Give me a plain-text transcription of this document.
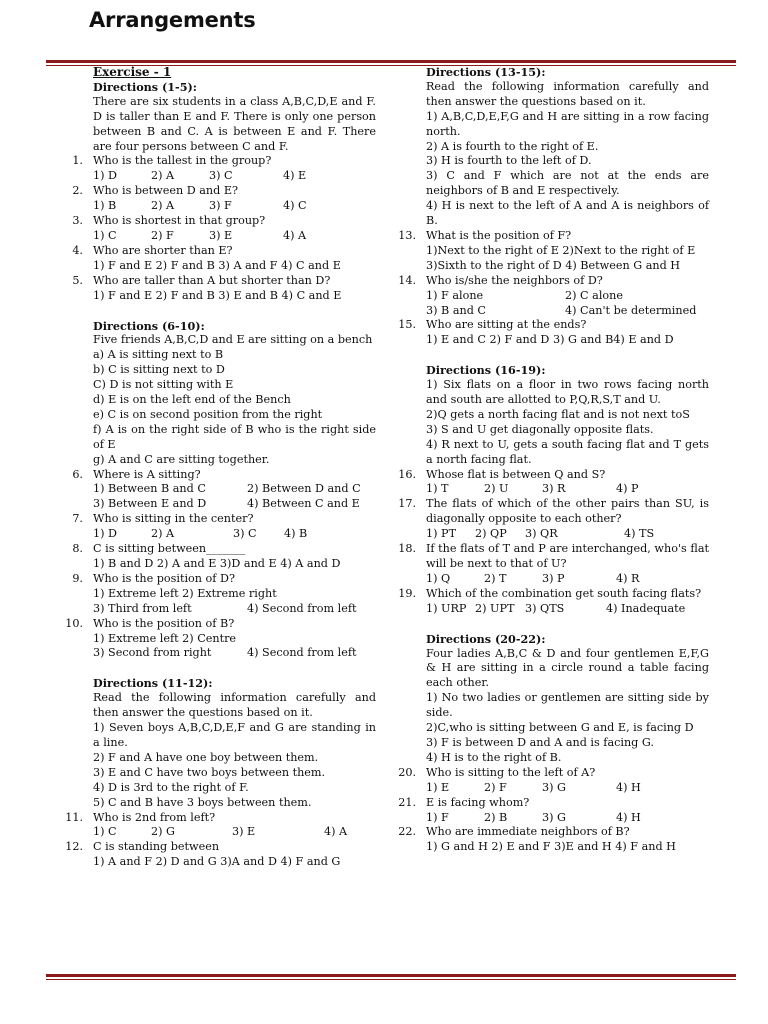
Arrangements
Exercise - 1
Directions (1-5):
There are six students in a class A,B,C,D,E and F. D is taller than E and F. There is only one person between B and C. A is between E and F. There are four persons between C and F.
1. Who is the tallest in the group?
1) D	2) A	3) C	4) E
2. Who is between D and E?
1) B	2) A	3) F	4) C
3. Who is shortest in that group?
1) C	2) F	3) E	4) A
4. Who are shorter than E?
1) F and E 2) F and B 3) A and F 4) C and E
5. Who are taller than A but shorter than D?
1) F and E 2) F and B 3) E and B 4) C and E
Directions (6-10):
Five friends A,B,C,D and E are sitting on a bench
a) A is sitting next to B
b) C is sitting next to D
C) D is not sitting with E
d) E is on the left end of the Bench
e) C is on second position from the right
f) A is on the right side of B who is the right side of E
g) A and C are sitting together.
6. Where is A sitting?
1) Between B and C	2) Between D and C
3) Between E and D	4) Between C and E
7. Who is sitting in the center?
1) D	2) A	3) C	4) B
8. C is sitting between_______
1) B and D 2) A and E 3)D and E 4) A and D
9. Who is the position of D?
1) Extreme left 2) Extreme right
3) Third from left	4) Second from left
10. Who is the position of B?
1) Extreme left 2) Centre
3) Second from right	4) Second from left
Directions (11-12):
Read the following information carefully and then answer the questions based on it.
1) Seven boys A,B,C,D,E,F and G are standing in a line.
2) F and A have one boy between them.
3) E and C have two boys between them.
4) D is 3rd to the right of F.
5) C and B have 3 boys between them.
11. Who is 2nd from left?
1) C	2) G	3) E	4) A
12. C is standing between
1) A and F 2) D and G 3)A and D 4) F and G
Directions (13-15):
Read the following information carefully and then answer the questions based on it.
1) A,B,C,D,E,F,G and H are sitting in a row facing north.
2) A is fourth to the right of E.
3) H is fourth to the left of D.
3) C and F which are not at the ends are neighbors of B and E respectively.
4) H is next to the left of A and A is neighbors of B.
13. What is the position of F?
1)Next to the right of E 2)Next to the right of E
3)Sixth to the right of D 4) Between G and H
14. Who is/she the neighbors of D?
1) F alone	2) C alone
3) B and C	4) Can't be determined
15. Who are sitting at the ends?
1) E and C 2) F and D 3) G and B4) E and D
Directions (16-19):
1) Six flats on a floor in two rows facing north and south are allotted to P,Q,R,S,T and U.
2)Q gets a north facing flat and is not next toS
3) S and U get diagonally opposite flats.
4) R next to U, gets a south facing flat and T gets a north facing flat.
16. Whose flat is between Q and S?
1) T	2) U	3) R	4) P
17. The flats of which of the other pairs than SU, is diagonally opposite to each other?
1) PT	2) QP	3) QR	4) TS
18. If the flats of T and P are interchanged, who's flat will be next to that of U?
1) Q	2) T	3) P	4) R
19. Which of the combination get south facing flats?
1) URP 2) UPT 3) QTS	4) Inadequate
Directions (20-22):
Four ladies A,B,C & D and four gentlemen E,F,G & H are sitting in a circle round a table facing each other.
1) No two ladies or gentlemen are sitting side by side.
2)C,who is sitting between G and E, is facing D
3) F is between D and A and is facing G.
4) H is to the right of B.
20. Who is sitting to the left of A?
1) E	2) F	3) G	4) H
21. E is facing whom?
1) F	2) B	3) G	4) H
22. Who are immediate neighbors of B?
1) G and H 2) E and F 3)E and H 4) F and H
